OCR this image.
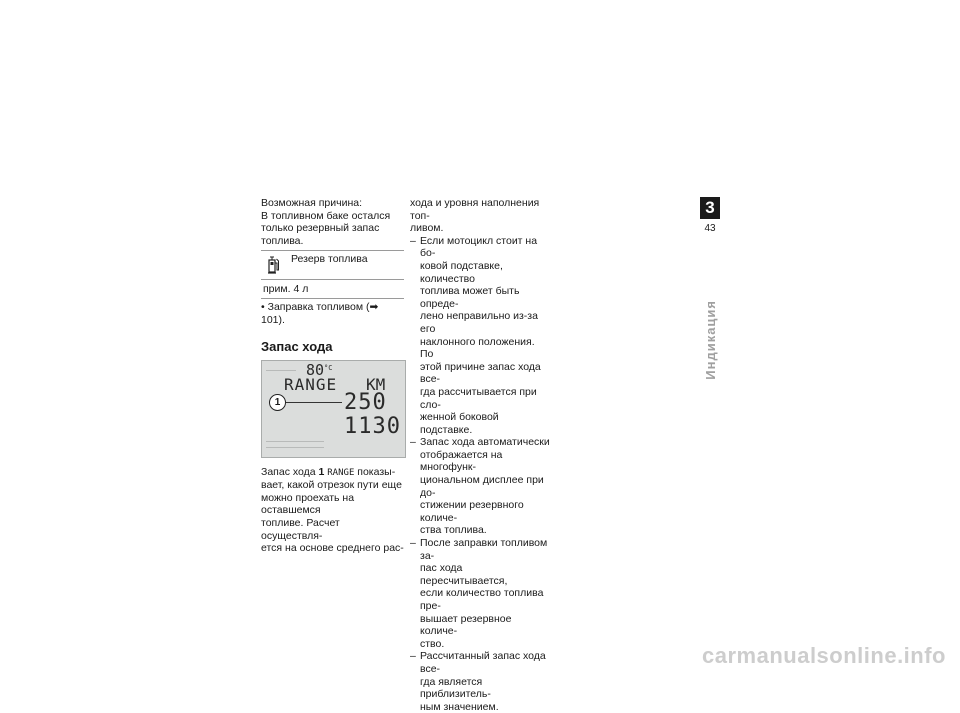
Возможная причина:

В топливном баке остался

только резервный запас

топлива.

Резерв топлива
прим. 4 л

• Заправка топливом (➡ 101).

Запас хода
80 °C
RANGE KM
1	250
1130

Запас хода 1 RANGE показы-

вает, какой отрезок пути еще

можно проехать на оставшемся

топливе. Расчет осуществля-

ется на основе среднего рас-

хода и уровня наполнения топ-

ливом.

– Если мотоцикл стоит на бо-

ковой подставке, количество

топлива может быть опреде-

лено неправильно из-за его

наклонного положения. По

этой причине запас хода все-

гда рассчитывается при сло-

женной боковой подставке.

– Запас хода автоматически

отображается на многофунк-

циональном дисплее при до-

стижении резервного количе-

ства топлива.

– После заправки топливом за-

пас хода пересчитывается,

если количество топлива пре-

вышает резервное количе-

ство.

– Рассчитанный запас хода все-

гда является приблизитель-

ным значением.

3
43
Индикация
carmanualsonline.info
